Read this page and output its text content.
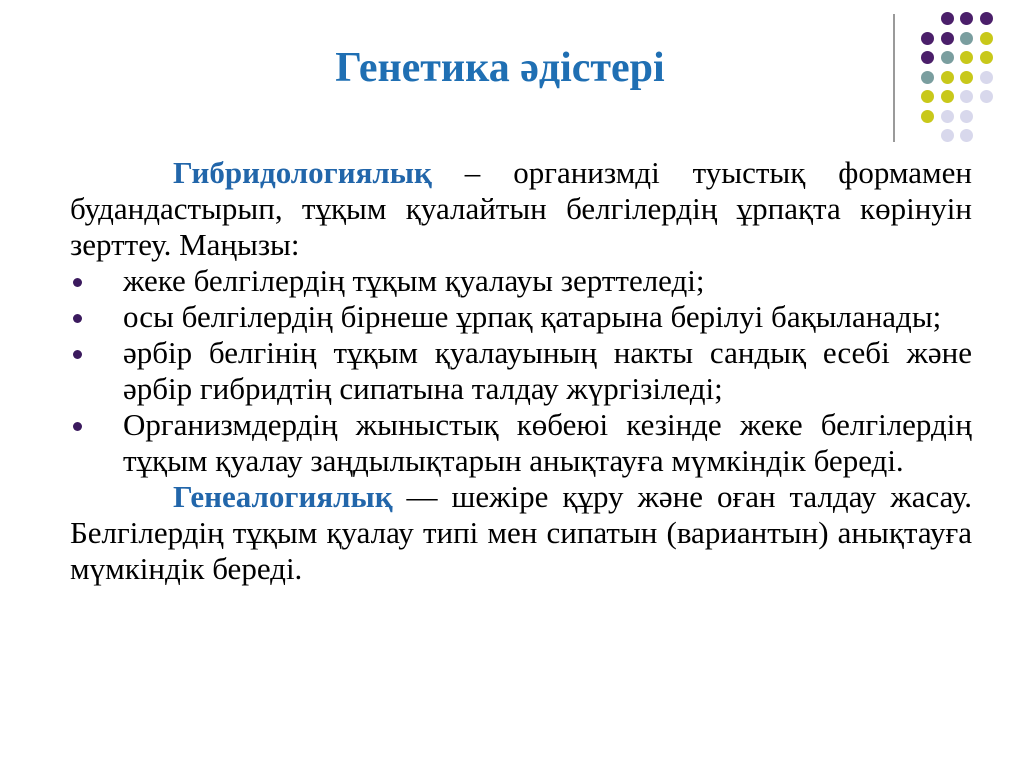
Генетика әдістері

Гибридологиялық – организмді туыстық формамен будандастырып, тұқым қуалайтын белгілердің ұрпақта көрінуін зерттеу. Маңызы:

жеке белгілердің тұқым қуалауы зерттеледі;
осы белгілердің бірнеше ұрпақ қатарына берілуі бақыланады;
әрбір белгінің тұқым қуалауының накты сандық есебі және әрбір гибридтің сипатына талдау жүргізіледі;
Организмдердің жыныстық көбеюі кезінде жеке белгілердің тұқым қуалау заңдылықтарын анықтауға мүмкіндік береді.

Генеалогиялық — шежіре құру және оған талдау жасау. Белгілердің тұқым қуалау типі мен сипатын (вариантын) анықтауға мүмкіндік береді.
